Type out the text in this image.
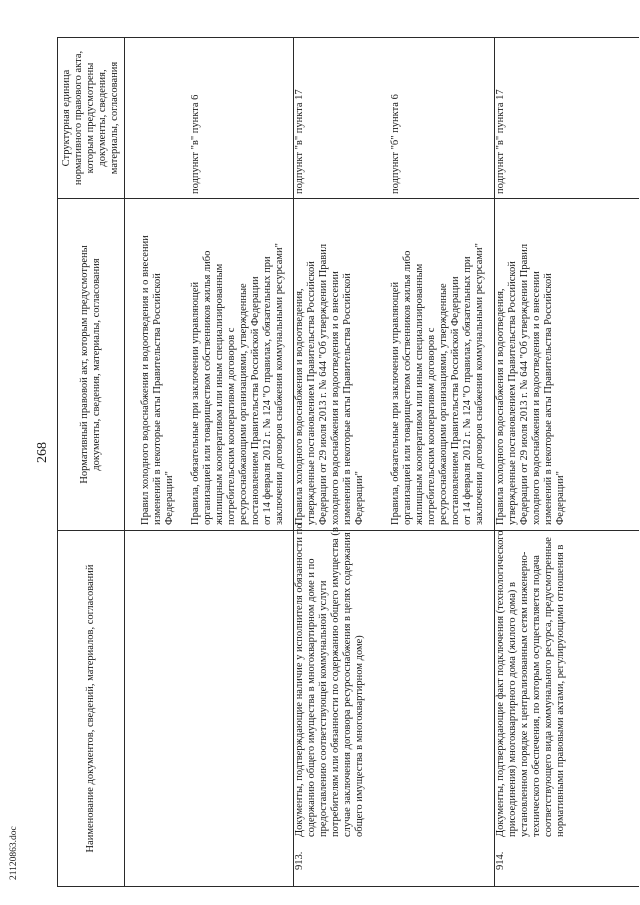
21120863.doc
268
Наименование документов, сведений, материалов, согласований
Нормативный правовой акт, которым предусмотрены
документы, сведения, материалы, согласования
Структурная единица
нормативного правового акта,
которым предусмотрены
документы, сведения,
материалы, согласования
Правил холодного водоснабжения и водоотведения и о внесении
изменений в некоторые акты Правительства Российской
Федерации"	Правила, обязательные при заключении управляющей
организацией или товариществом собственников жилья либо
жилищным кооперативом или иным специализированным
потребительским кооперативом договоров с
ресурсоснабжающими организациями, утвержденные
постановлением Правительства Российской Федерации
от 14 февраля 2012 г. № 124 "О правилах, обязательных при
заключении договоров снабжения коммунальными ресурсами"
подпункт "в" пункта 6
913.
Документы, подтверждающие наличие у исполнителя обязанности по
содержанию общего имущества в многоквартирном доме и по
предоставлению соответствующей коммунальной услуги
потребителям или обязанности по содержанию общего имущества (в
случае заключения договора ресурсоснабжения в целях содержания
общего имущества в многоквартирном доме)
Правила холодного водоснабжения и водоотведения,
утвержденные постановлением Правительства Российской
Федерации от 29 июля 2013 г. № 644 "Об утверждении Правил
холодного водоснабжения и водоотведения и о внесении
изменений в некоторые акты Правительства Российской
Федерации"
подпункт "в" пункта 17
Правила, обязательные при заключении управляющей
организацией или товариществом собственников жилья либо
жилищным кооперативом или иным специализированным
потребительским кооперативом договоров с
ресурсоснабжающими организациями, утвержденные
постановлением Правительства Российской Федерации
от 14 февраля 2012 г. № 124 "О правилах, обязательных при
заключении договоров снабжения коммунальными ресурсами"
подпункт "б" пункта 6
914.
Документы, подтверждающие факт подключения (технологического
присоединения) многоквартирного дома (жилого дома) в
установленном порядке к централизованным сетям инженерно-
технического обеспечения, по которым осуществляется подача
соответствующего вида коммунального ресурса, предусмотренные
нормативными правовыми актами, регулирующими отношения в
Правила холодного водоснабжения и водоотведения,
утвержденные постановлением Правительства Российской
Федерации от 29 июля 2013 г. № 644 "Об утверждении Правил
холодного водоснабжения и водоотведения и о внесении
изменений в некоторые акты Правительства Российской
Федерации"
подпункт "в" пункта 17
